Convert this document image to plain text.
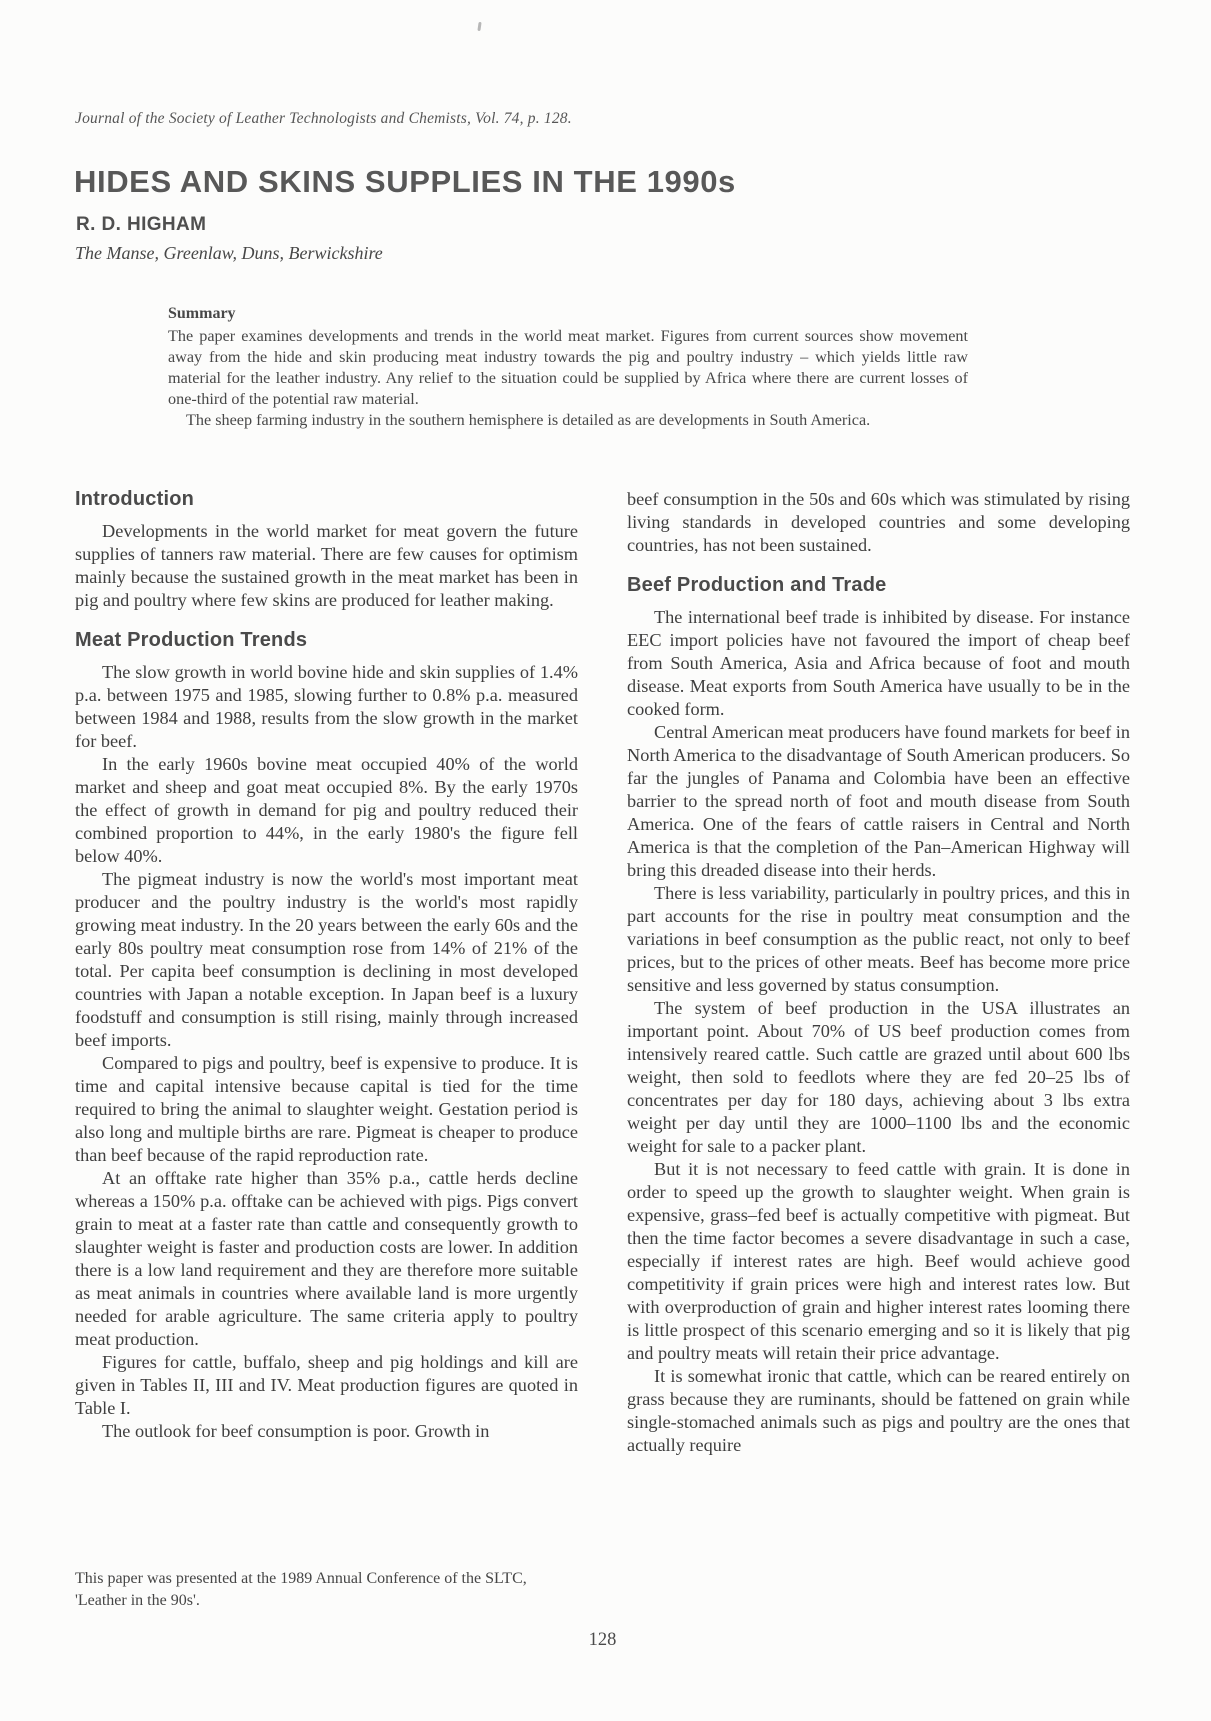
Journal of the Society of Leather Technologists and Chemists, Vol. 74, p. 128.
HIDES AND SKINS SUPPLIES IN THE 1990s
R. D. HIGHAM
The Manse, Greenlaw, Duns, Berwickshire
Summary

The paper examines developments and trends in the world meat market. Figures from current sources show movement away from the hide and skin producing meat industry towards the pig and poultry industry – which yields little raw material for the leather industry. Any relief to the situation could be supplied by Africa where there are current losses of one-third of the potential raw material.

The sheep farming industry in the southern hemisphere is detailed as are developments in South America.

Introduction

Developments in the world market for meat govern the future supplies of tanners raw material. There are few causes for optimism mainly because the sustained growth in the meat market has been in pig and poultry where few skins are produced for leather making.

Meat Production Trends

The slow growth in world bovine hide and skin supplies of 1.4% p.a. between 1975 and 1985, slowing further to 0.8% p.a. measured between 1984 and 1988, results from the slow growth in the market for beef.

In the early 1960s bovine meat occupied 40% of the world market and sheep and goat meat occupied 8%. By the early 1970s the effect of growth in demand for pig and poultry reduced their combined proportion to 44%, in the early 1980's the figure fell below 40%.

The pigmeat industry is now the world's most important meat producer and the poultry industry is the world's most rapidly growing meat industry. In the 20 years between the early 60s and the early 80s poultry meat consumption rose from 14% of 21% of the total. Per capita beef consumption is declining in most developed countries with Japan a notable exception. In Japan beef is a luxury foodstuff and consumption is still rising, mainly through increased beef imports.

Compared to pigs and poultry, beef is expensive to produce. It is time and capital intensive because capital is tied for the time required to bring the animal to slaughter weight. Gestation period is also long and multiple births are rare. Pigmeat is cheaper to produce than beef because of the rapid reproduction rate.

At an offtake rate higher than 35% p.a., cattle herds decline whereas a 150% p.a. offtake can be achieved with pigs. Pigs convert grain to meat at a faster rate than cattle and consequently growth to slaughter weight is faster and production costs are lower. In addition there is a low land requirement and they are therefore more suitable as meat animals in countries where available land is more urgently needed for arable agriculture. The same criteria apply to poultry meat production.

Figures for cattle, buffalo, sheep and pig holdings and kill are given in Tables II, III and IV. Meat production figures are quoted in Table I.

The outlook for beef consumption is poor. Growth in

beef consumption in the 50s and 60s which was stimulated by rising living standards in developed countries and some developing countries, has not been sustained.

Beef Production and Trade

The international beef trade is inhibited by disease. For instance EEC import policies have not favoured the import of cheap beef from South America, Asia and Africa because of foot and mouth disease. Meat exports from South America have usually to be in the cooked form.

Central American meat producers have found markets for beef in North America to the disadvantage of South American producers. So far the jungles of Panama and Colombia have been an effective barrier to the spread north of foot and mouth disease from South America. One of the fears of cattle raisers in Central and North America is that the completion of the Pan–American Highway will bring this dreaded disease into their herds.

There is less variability, particularly in poultry prices, and this in part accounts for the rise in poultry meat consumption and the variations in beef consumption as the public react, not only to beef prices, but to the prices of other meats. Beef has become more price sensitive and less governed by status consumption.

The system of beef production in the USA illustrates an important point. About 70% of US beef production comes from intensively reared cattle. Such cattle are grazed until about 600 lbs weight, then sold to feedlots where they are fed 20–25 lbs of concentrates per day for 180 days, achieving about 3 lbs extra weight per day until they are 1000–1100 lbs and the economic weight for sale to a packer plant.

But it is not necessary to feed cattle with grain. It is done in order to speed up the growth to slaughter weight. When grain is expensive, grass–fed beef is actually competitive with pigmeat. But then the time factor becomes a severe disadvantage in such a case, especially if interest rates are high. Beef would achieve good competitivity if grain prices were high and interest rates low. But with overproduction of grain and higher interest rates looming there is little prospect of this scenario emerging and so it is likely that pig and poultry meats will retain their price advantage.

It is somewhat ironic that cattle, which can be reared entirely on grass because they are ruminants, should be fattened on grain while single-stomached animals such as pigs and poultry are the ones that actually require

This paper was presented at the 1989 Annual Conference of the SLTC, 'Leather in the 90s'.
128
